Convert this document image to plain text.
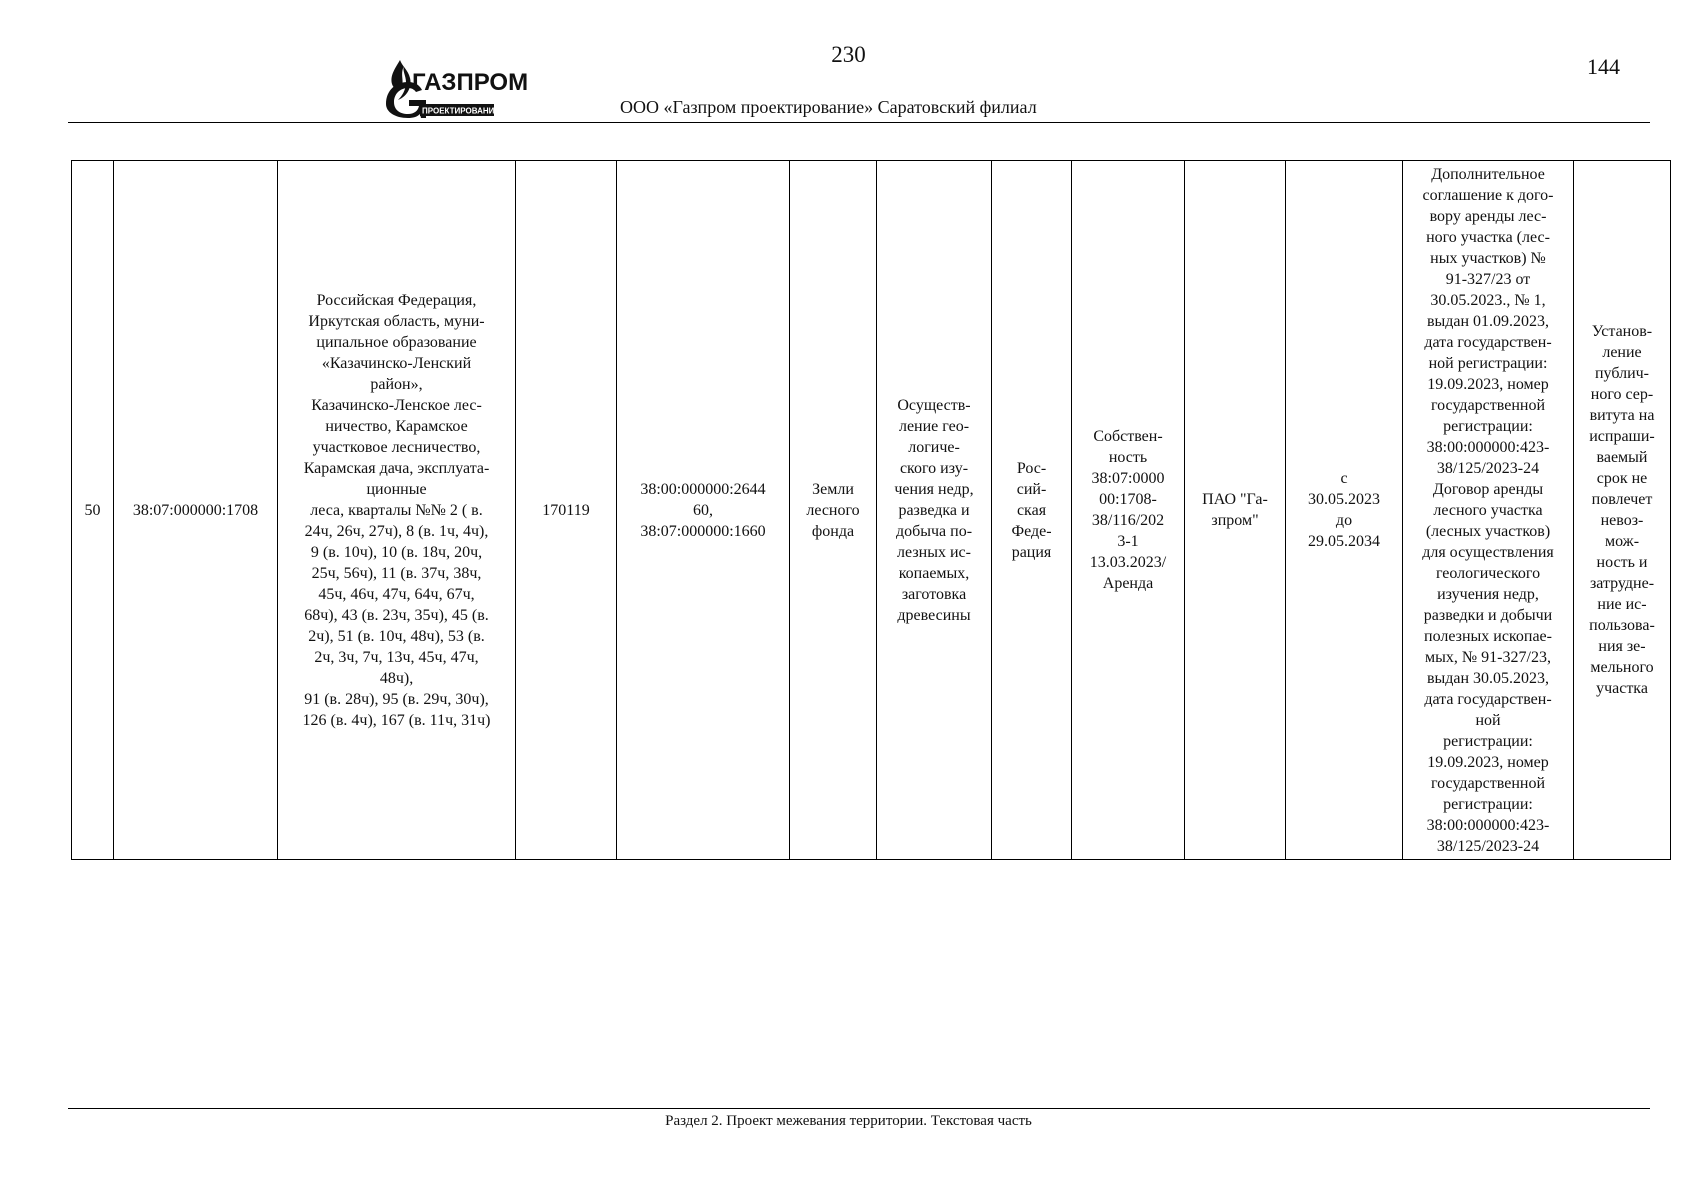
230	144
ГАЗПРОМ
ПРОЕКТИРОВАНИЕ	ООО «Газпром проектирование» Саратовский филиал
50	38:07:000000:1708	Российская Федерация,
Иркутская область, муни-
ципальное образование
«Казачинско-Ленский
район»,
Казачинско-Ленское лес-
ничество, Карамское
участковое лесничество,
Карамская дача, эксплуата-
ционные
леса, кварталы №№ 2 ( в.
24ч, 26ч, 27ч), 8 (в. 1ч, 4ч),
9 (в. 10ч), 10 (в. 18ч, 20ч,
25ч, 56ч), 11 (в. 37ч, 38ч,
45ч, 46ч, 47ч, 64ч, 67ч,
68ч), 43 (в. 23ч, 35ч), 45 (в.
2ч), 51 (в. 10ч, 48ч), 53 (в.
2ч, 3ч, 7ч, 13ч, 45ч, 47ч,
48ч),
91 (в. 28ч), 95 (в. 29ч, 30ч),
126 (в. 4ч), 167 (в. 11ч, 31ч)	170119	38:00:000000:2644
60,
38:07:000000:1660	Земли
лесного
фонда	Осуществ-
ление гео-
логиче-
ского изу-
чения недр,
разведка и
добыча по-
лезных ис-
копаемых,
заготовка
древесины	Рос-
сий-
ская
Феде-
рация	Собствен-
ность
38:07:0000
00:1708-
38/116/202
3-1
13.03.2023/
Аренда	ПАО "Га-
зпром"	с
30.05.2023
до
29.05.2034	Дополнительное
соглашение к дого-
вору аренды лес-
ного участка (лес-
ных участков) №
91-327/23 от
30.05.2023., № 1,
выдан 01.09.2023,
дата государствен-
ной регистрации:
19.09.2023, номер
государственной
регистрации:
38:00:000000:423-
38/125/2023-24
Договор аренды
лесного участка
(лесных участков)
для осуществления
геологического
изучения недр,
разведки и добычи
полезных ископае-
мых, № 91-327/23,
выдан 30.05.2023,
дата государствен-
ной
регистрации:
19.09.2023, номер
государственной
регистрации:
38:00:000000:423-
38/125/2023-24	Установ-
ление
публич-
ного сер-
витута на
испраши-
ваемый
срок не
повлечет
невоз-
мож-
ность и
затрудне-
ние ис-
пользова-
ния зе-
мельного
участка
Раздел 2. Проект межевания территории. Текстовая часть
